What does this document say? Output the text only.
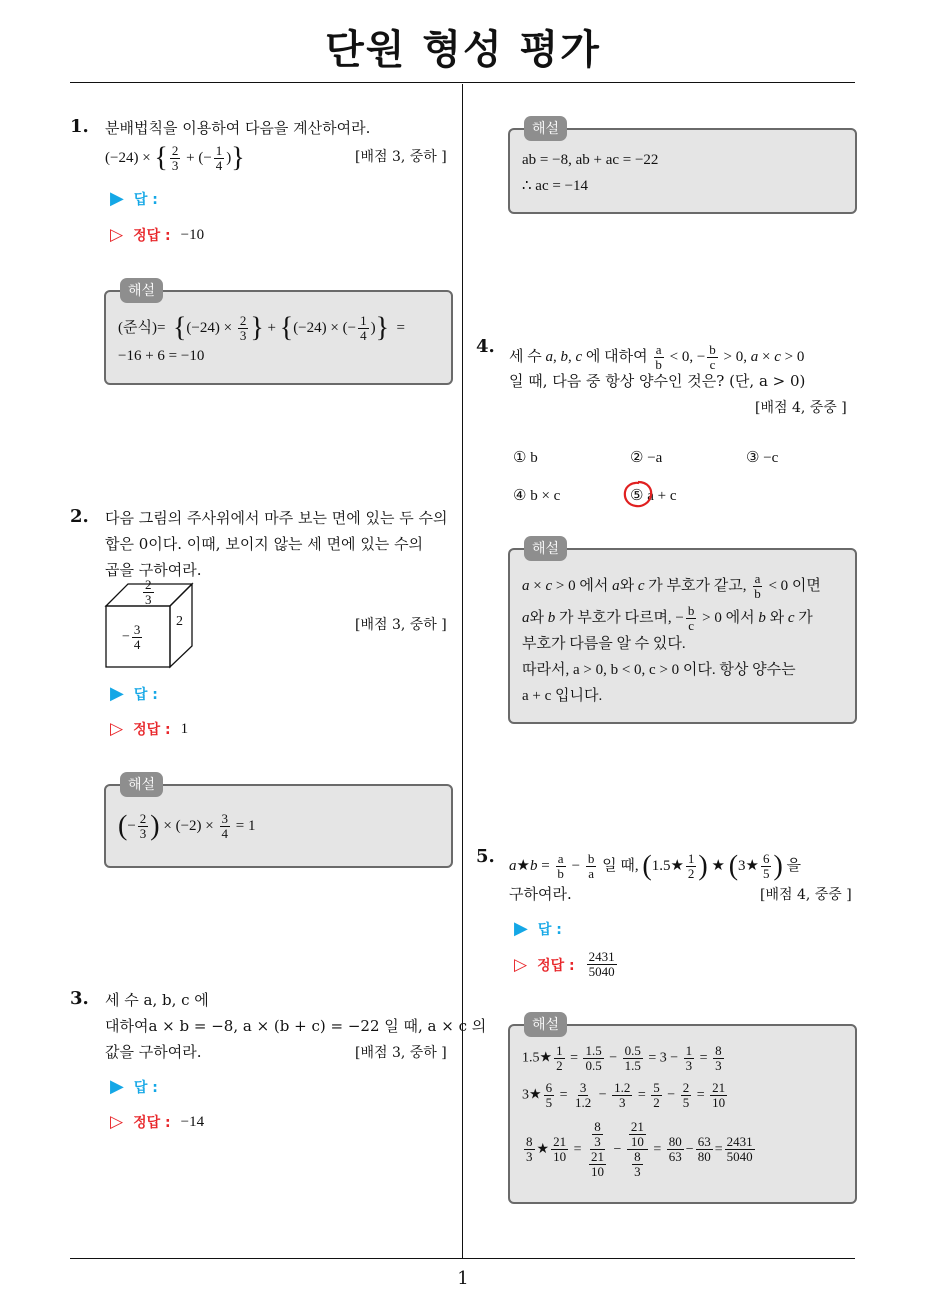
단원 형성 평가
1
1. 분배법칙을 이용하여 다음을 계산하여라.
(−24) × { $\frac{2}{3}$ + (− $\frac{1}{4}$ )}	[배점 3, 중하 ]
▶ 답 :
▷ 정답 : −10
해설
(준식)=  {$(-24) \times \frac{2}{3}$ } + {(−24) × (− $\frac{1}{4}$ )}  =
−16 + 6 = −10
2. 다음 그림의 주사위에서 마주 보는 면에 있는 두 수의
합은 0이다. 이때, 보이지 않는 세 면에 있는 수의
곱을 구하여라.
$\frac{2}{3}$
− $\frac{3}{4}$
2	[배점 3, 중하 ]
▶ 답 :
▷ 정답 : 1
해설
(− $\frac{2}{3}$ ) × $(-2) \times \frac{3}{4} = 1$
3. 세 수 a, b, c 에
대하여a × b = −8, a × (b + c) = −22 일 때, a × c 의
값을 구하여라.	[배점 3, 중하 ]
▶ 답 :
▷ 정답 : −14
해설
ab = −8, ab + ac = −22
∴ ac = −14
4. 세 수 a, b, c 에 대하여 $\frac{a}{b} < 0$, − $\frac{b}{c} > 0$, a × c > 0
일 때, 다음 중 항상 양수인 것은? (단, a > 0)
[배점 4, 중중 ]
① b	② −a	③ −c
④ b × c	⑤ a + c
해설
a × c > 0 에서 a와 c 가 부호가 같고, $\frac{a}{b} < 0$ 이면
a와 b 가 부호가 다르며, − $\frac{b}{c} > 0$ 에서 b 와 c 가
부호가 다름을 알 수 있다.
따라서, a > 0, b < 0, c > 0 이다. 항상 양수는
a + c 입니다.
5. a★b = $\frac{a}{b} - \frac{b}{a}$ 일 때, (1.5★ $\frac{1}{2}$ ) ★ (3★ $\frac{6}{5}$ ) 을
구하여라.	[배점 4, 중중 ]
▶ 답 :
▷ 정답 : $\frac{2431}{5040}$
해설
1.5★ $\frac{1}{2} = \frac{1.5}{0.5} - \frac{0.5}{1.5} = 3 - \frac{1}{3} = \frac{8}{3}$
3★ $\frac{6}{5} = \frac{3}{1.2} - \frac{1.2}{3} = \frac{5}{2} - \frac{2}{5} = \frac{21}{10}$
$\frac{8}{3}$ ★ $\frac{21}{10} = \frac{\frac{8}{3}}{\frac{21}{10}} - \frac{\frac{21}{10}}{\frac{8}{3}} = \frac{80}{63} - \frac{63}{80} = \frac{2431}{5040}$
